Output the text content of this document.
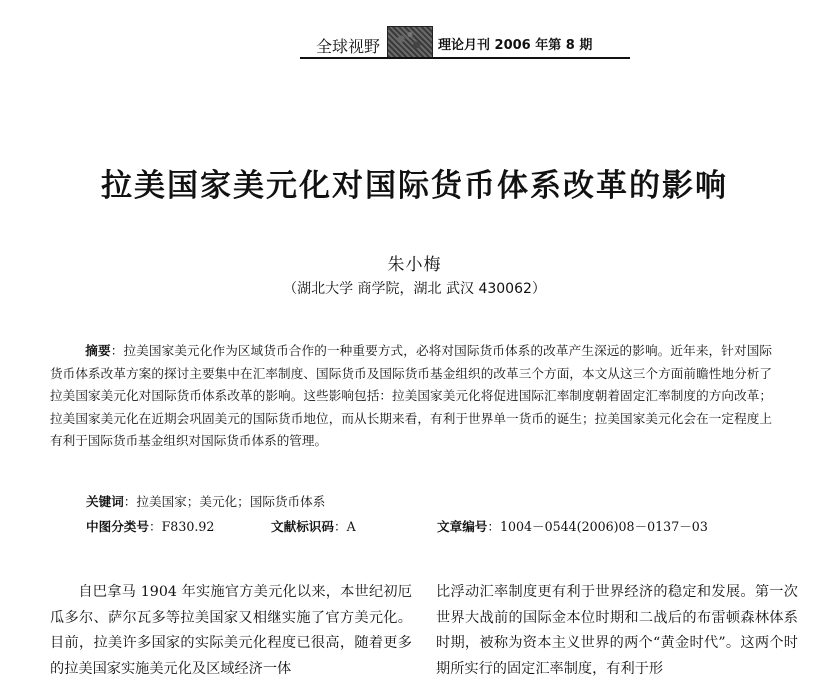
全球视野	理论月刊 2006 年第 8 期
拉美国家美元化对国际货币体系改革的影响
朱小梅
（湖北大学 商学院，湖北 武汉 430062）
摘要：拉美国家美元化作为区域货币合作的一种重要方式，必将对国际货币体系的改革产生深远的影响。近年来，针对国际货币体系改革方案的探讨主要集中在汇率制度、国际货币及国际货币基金组织的改革三个方面，本文从这三个方面前瞻性地分析了拉美国家美元化对国际货币体系改革的影响。这些影响包括：拉美国家美元化将促进国际汇率制度朝着固定汇率制度的方向改革；拉美国家美元化在近期会巩固美元的国际货币地位，而从长期来看，有利于世界单一货币的诞生；拉美国家美元化会在一定程度上有利于国际货币基金组织对国际货币体系的管理。
关键词：拉美国家；美元化；国际货币体系
中图分类号：F830.92	文献标识码：A	文章编号：1004－0544(2006)08－0137－03
自巴拿马 1904 年实施官方美元化以来，本世纪初厄瓜多尔、萨尔瓦多等拉美国家又相继实施了官方美元化。目前，拉美许多国家的实际美元化程度已很高，随着更多的拉美国家实施美元化及区域经济一体
比浮动汇率制度更有利于世界经济的稳定和发展。第一次世界大战前的国际金本位时期和二战后的布雷顿森林体系时期，被称为资本主义世界的两个“黄金时代”。这两个时期所实行的固定汇率制度，有利于形
